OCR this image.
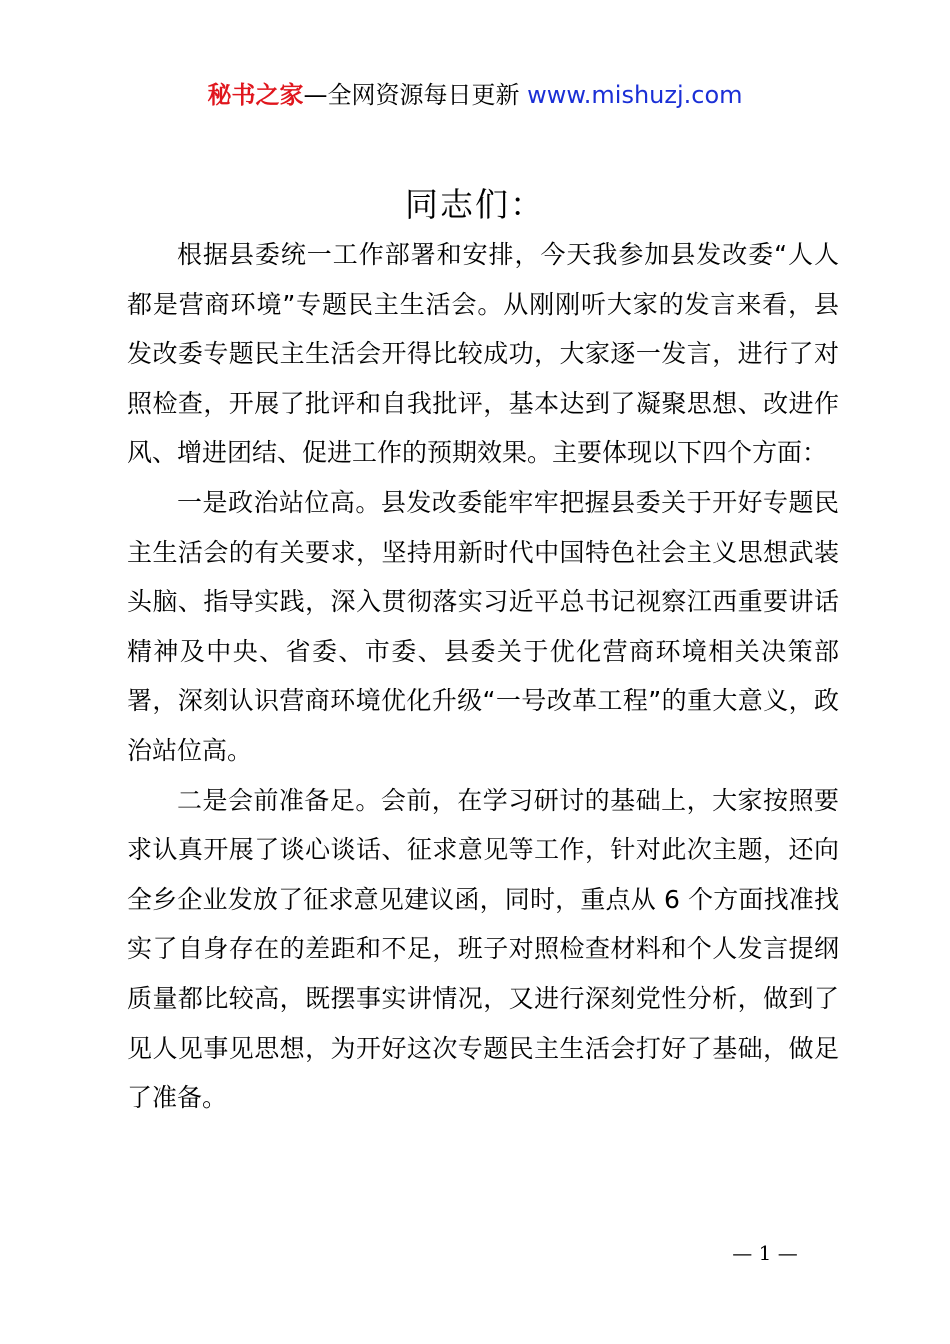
秘书之家—全网资源每日更新 www.mishuzj.com
同志们：

根据县委统一工作部署和安排，今天我参加县发改委“人人都是营商环境”专题民主生活会。从刚刚听大家的发言来看，县发改委专题民主生活会开得比较成功，大家逐一发言，进行了对照检查，开展了批评和自我批评，基本达到了凝聚思想、改进作风、增进团结、促进工作的预期效果。主要体现以下四个方面：

一是政治站位高。县发改委能牢牢把握县委关于开好专题民主生活会的有关要求，坚持用新时代中国特色社会主义思想武装头脑、指导实践，深入贯彻落实习近平总书记视察江西重要讲话精神及中央、省委、市委、县委关于优化营商环境相关决策部署，深刻认识营商环境优化升级“一号改革工程”的重大意义，政治站位高。

二是会前准备足。会前，在学习研讨的基础上，大家按照要求认真开展了谈心谈话、征求意见等工作，针对此次主题，还向全乡企业发放了征求意见建议函，同时，重点从 6 个方面找准找实了自身存在的差距和不足，班子对照检查材料和个人发言提纲质量都比较高，既摆事实讲情况，又进行深刻党性分析，做到了见人见事见思想，为开好这次专题民主生活会打好了基础，做足了准备。

— 1 —
